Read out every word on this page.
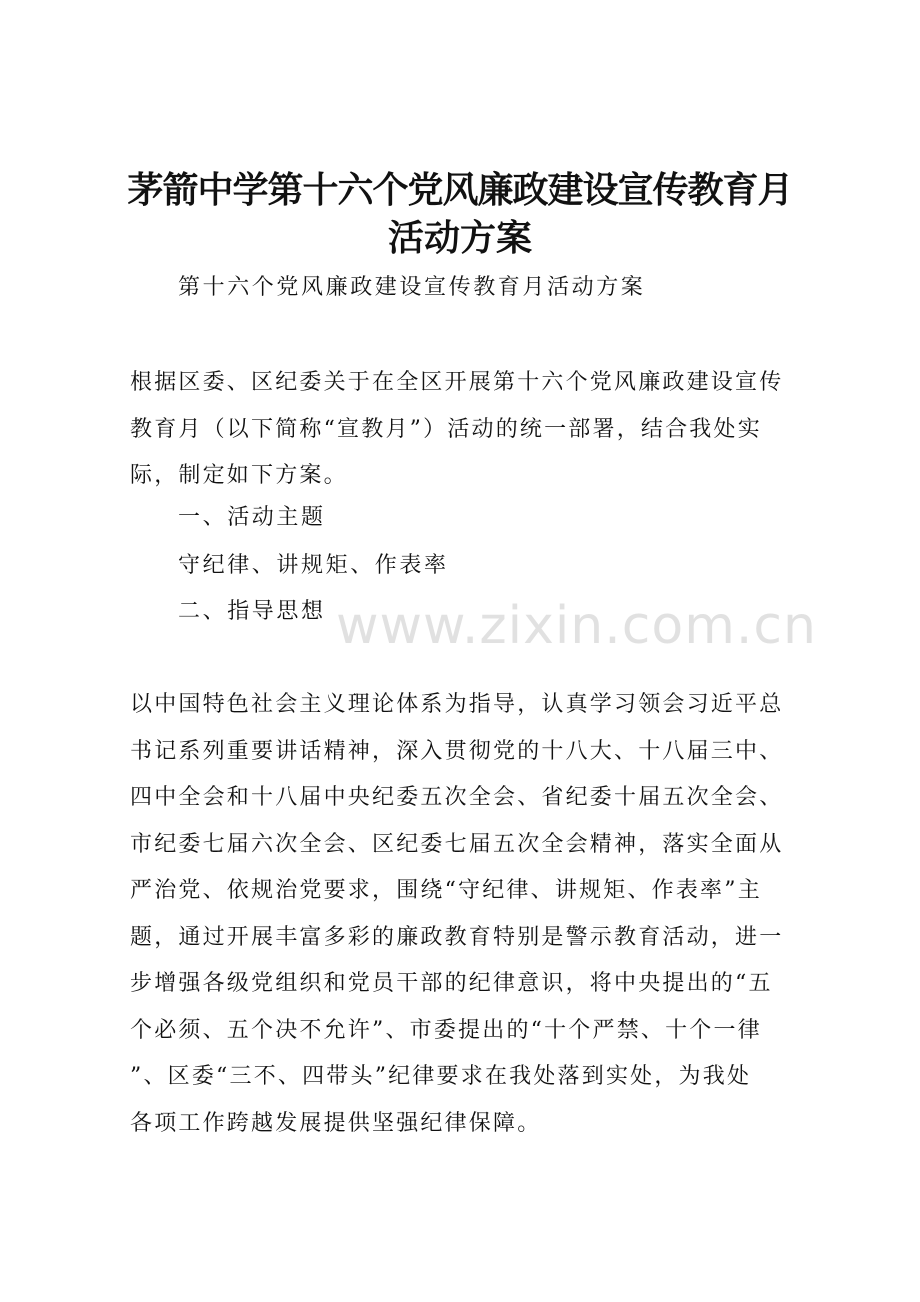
茅箭中学第十六个党风廉政建设宣传教育月
活动方案

第十六个党风廉政建设宣传教育月活动方案

根据区委、区纪委关于在全区开展第十六个党风廉政建设宣传
教育月（以下简称“宣教月”）活动的统一部署，结合我处实
际，制定如下方案。

一、活动主题

守纪律、讲规矩、作表率

二、指导思想

以中国特色社会主义理论体系为指导，认真学习领会习近平总
书记系列重要讲话精神，深入贯彻党的十八大、十八届三中、
四中全会和十八届中央纪委五次全会、省纪委十届五次全会、
市纪委七届六次全会、区纪委七届五次全会精神，落实全面从
严治党、依规治党要求，围绕“守纪律、讲规矩、作表率”主
题，通过开展丰富多彩的廉政教育特别是警示教育活动，进一
步增强各级党组织和党员干部的纪律意识，将中央提出的“五
个必须、五个决不允许”、市委提出的“十个严禁、十个一律
”、区委“三不、四带头”纪律要求在我处落到实处，为我处
各项工作跨越发展提供坚强纪律保障。

www.zixin.com.cn
